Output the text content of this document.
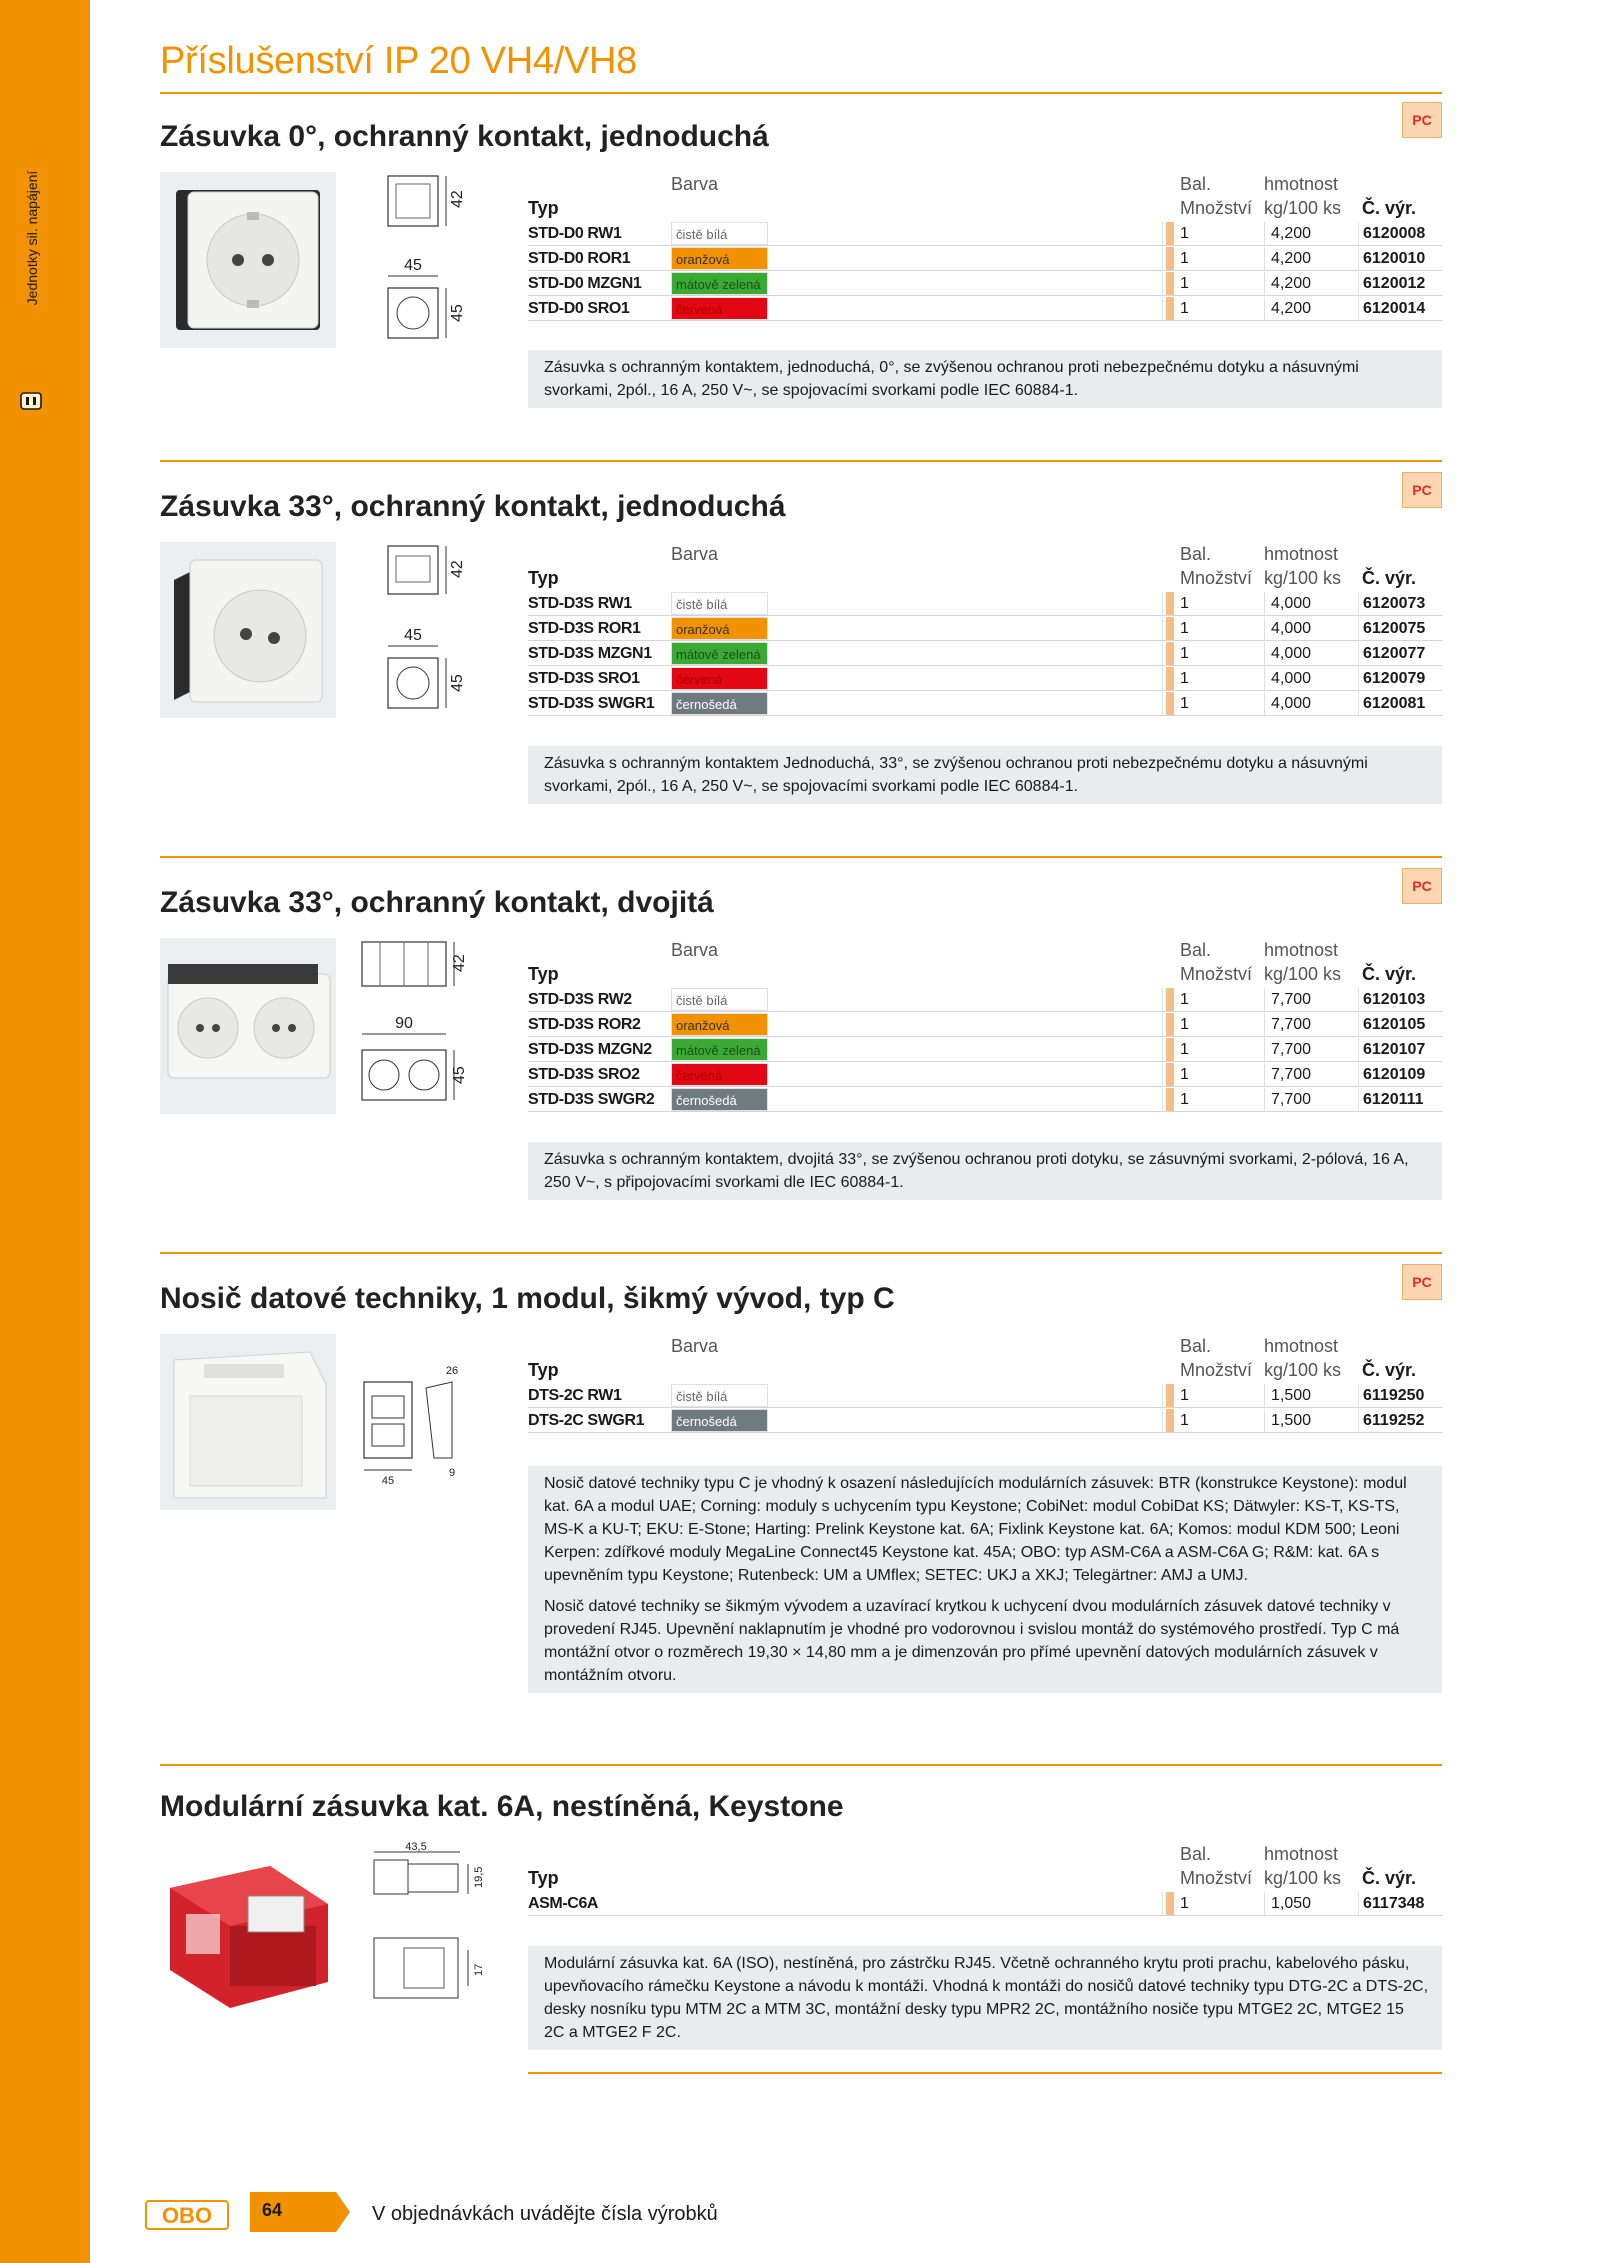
Jednotky sil. napájení
Příslušenství IP 20 VH4/VH8
Zásuvka 0°, ochranný kontakt, jednoduchá	PC
45
42
45
Barva	Bal.	hmotnost
Typ	Množství kg/100 ks Č. výr.
STD-D0 RW1	čistě bílá	1	4,200	6120008
STD-D0 ROR1	oranžová	1	4,200	6120010
STD-D0 MZGN1	mátově zelená	1	4,200	6120012
STD-D0 SRO1	červená	1	4,200	6120014

Zásuvka s ochranným kontaktem, jednoduchá, 0°, se zvýšenou ochranou proti nebezpečnému dotyku a násuvnými svorkami, 2pól., 16 A, 250 V~, se spojovacími svorkami podle IEC 60884-1.

Zásuvka 33°, ochranný kontakt, jednoduchá	PC
45
42
45
Barva	Bal.	hmotnost
Typ	Množství kg/100 ks Č. výr.
STD-D3S RW1	čistě bílá	1	4,000	6120073
STD-D3S ROR1	oranžová	1	4,000	6120075
STD-D3S MZGN1	mátově zelená	1	4,000	6120077
STD-D3S SRO1	červená	1	4,000	6120079
STD-D3S SWGR1	černošedá	1	4,000	6120081

Zásuvka s ochranným kontaktem Jednoduchá, 33°, se zvýšenou ochranou proti nebezpečnému dotyku a násuvnými svorkami, 2pól., 16 A, 250 V~, se spojovacími svorkami podle IEC 60884-1.

Zásuvka 33°, ochranný kontakt, dvojitá	PC
90
42
45
Barva	Bal.	hmotnost
Typ	Množství kg/100 ks Č. výr.
STD-D3S RW2	čistě bílá	1	7,700	6120103
STD-D3S ROR2	oranžová	1	7,700	6120105
STD-D3S MZGN2	mátově zelená	1	7,700	6120107
STD-D3S SRO2	červená	1	7,700	6120109
STD-D3S SWGR2	černošedá	1	7,700	6120111

Zásuvka s ochranným kontaktem, dvojitá 33°, se zvýšenou ochranou proti dotyku, se zásuvnými svorkami, 2-pólová, 16 A, 250 V~, s připojovacími svorkami dle IEC 60884-1.

Nosič datové techniky, 1 modul, šikmý vývod, typ C	PC
45
26
9
Barva	Bal.	hmotnost
Typ	Množství kg/100 ks Č. výr.
DTS-2C RW1	čistě bílá	1	1,500	6119250
DTS-2C SWGR1	černošedá	1	1,500	6119252

Nosič datové techniky typu C je vhodný k osazení následujících modulárních zásuvek: BTR (konstrukce Keystone): modul kat. 6A a modul UAE; Corning: moduly s uchycením typu Keystone; CobiNet: modul CobiDat KS; Dätwyler: KS-T, KS-TS, MS-K a KU-T; EKU: E-Stone; Harting: Prelink Keystone kat. 6A; Fixlink Keystone kat. 6A; Komos: modul KDM 500; Leoni Kerpen: zdířkové moduly MegaLine Connect45 Keystone kat. 45A; OBO: typ ASM-C6A a ASM-C6A G; R&M: kat. 6A s upevněním typu Keystone; Rutenbeck: UM a UMflex; SETEC: UKJ a XKJ; Telegärtner: AMJ a UMJ.

Nosič datové techniky se šikmým vývodem a uzavírací krytkou k uchycení dvou modulárních zásuvek datové techniky v provedení RJ45. Upevnění naklapnutím je vhodné pro vodorovnou i svislou montáž do systémového prostředí. Typ C má montážní otvor o rozměrech 19,30 × 14,80 mm a je dimenzován pro přímé upevnění datových modulárních zásuvek v montážním otvoru.

Modulární zásuvka kat. 6A, nestíněná, Keystone
43,5
19,5
17
Bal.	hmotnost
Typ	Množství kg/100 ks Č. výr.
ASM-C6A	1	1,050	6117348

Modulární zásuvka kat. 6A (ISO), nestíněná, pro zástrčku RJ45. Včetně ochranného krytu proti prachu, kabelového pásku, upevňovacího rámečku Keystone a návodu k montáži. Vhodná k montáži do nosičů datové techniky typu DTG-2C a DTS-2C, desky nosníku typu MTM 2C a MTM 3C, montážní desky typu MPR2 2C, montážního nosiče typu MTGE2 2C, MTGE2 15 2C a MTGE2 F 2C.

OBO	64	V objednávkách uvádějte čísla výrobků
